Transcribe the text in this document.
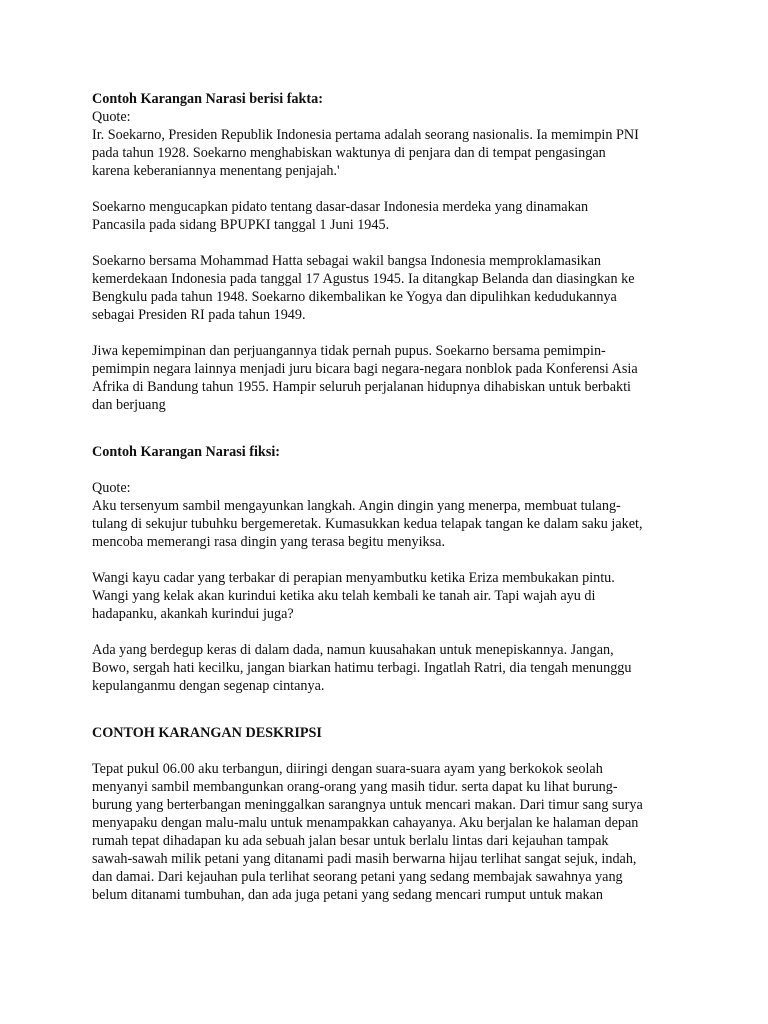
Contoh Karangan Narasi berisi fakta:

Quote:

Ir. Soekarno, Presiden Republik Indonesia pertama adalah seorang nasionalis. Ia memimpin PNI

pada tahun 1928. Soekarno menghabiskan waktunya di penjara dan di tempat pengasingan

karena keberaniannya menentang penjajah.'

Soekarno mengucapkan pidato tentang dasar-dasar Indonesia merdeka yang dinamakan

Pancasila pada sidang BPUPKI tanggal 1 Juni 1945.

Soekarno bersama Mohammad Hatta sebagai wakil bangsa Indonesia memproklamasikan

kemerdekaan Indonesia pada tanggal 17 Agustus 1945. Ia ditangkap Belanda dan diasingkan ke

Bengkulu pada tahun 1948. Soekarno dikembalikan ke Yogya dan dipulihkan kedudukannya

sebagai Presiden RI pada tahun 1949.

Jiwa kepemimpinan dan perjuangannya tidak pernah pupus. Soekarno bersama pemimpin-

pemimpin negara lainnya menjadi juru bicara bagi negara-negara nonblok pada Konferensi Asia

Afrika di Bandung tahun 1955. Hampir seluruh perjalanan hidupnya dihabiskan untuk berbakti

dan berjuang

Contoh Karangan Narasi fiksi:

Quote:

Aku tersenyum sambil mengayunkan langkah. Angin dingin yang menerpa, membuat tulang-

tulang di sekujur tubuhku bergemeretak. Kumasukkan kedua telapak tangan ke dalam saku jaket,

mencoba memerangi rasa dingin yang terasa begitu menyiksa.

Wangi kayu cadar yang terbakar di perapian menyambutku ketika Eriza membukakan pintu.

Wangi yang kelak akan kurindui ketika aku telah kembali ke tanah air. Tapi wajah ayu di

hadapanku, akankah kurindui juga?

Ada yang berdegup keras di dalam dada, namun kuusahakan untuk menepiskannya. Jangan,

Bowo, sergah hati kecilku, jangan biarkan hatimu terbagi. Ingatlah Ratri, dia tengah menunggu

kepulanganmu dengan segenap cintanya.

CONTOH KARANGAN DESKRIPSI

Tepat pukul 06.00 aku terbangun, diiringi dengan suara-suara ayam yang berkokok seolah

menyanyi sambil membangunkan orang-orang yang masih tidur. serta dapat ku lihat burung-

burung yang berterbangan meninggalkan sarangnya untuk mencari makan. Dari timur sang surya

menyapaku dengan malu-malu untuk menampakkan cahayanya. Aku berjalan ke halaman depan

rumah tepat dihadapan ku ada sebuah jalan besar untuk berlalu lintas dari kejauhan tampak

sawah-sawah milik petani yang ditanami padi masih berwarna hijau terlihat sangat sejuk, indah,

dan damai. Dari kejauhan pula terlihat seorang petani yang sedang membajak sawahnya yang

belum ditanami tumbuhan, dan ada juga petani yang sedang mencari rumput untuk makan
